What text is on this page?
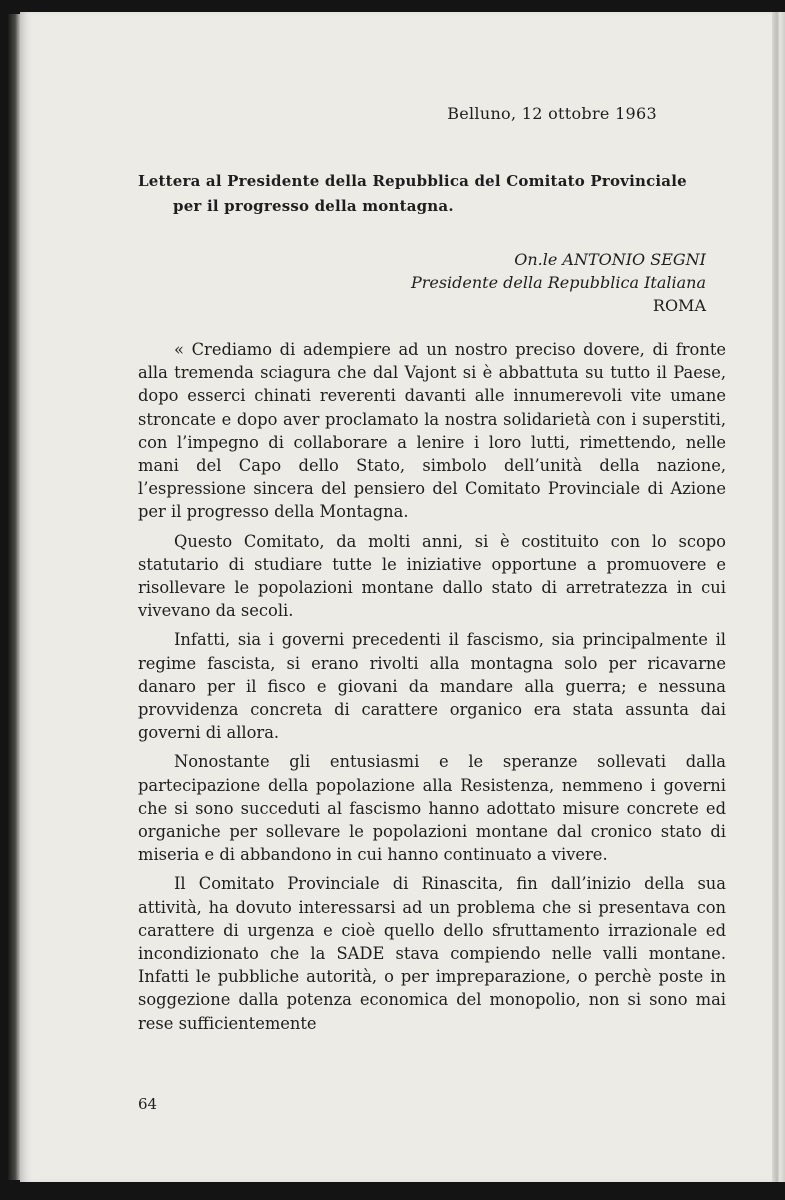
Belluno, 12 ottobre 1963
Lettera al Presidente della Repubblica del Comitato Provinciale
per il progresso della montagna.
On.le ANTONIO SEGNI
Presidente della Repubblica Italiana
ROMA

« Crediamo di adempiere ad un nostro preciso dovere, di fronte alla tremenda sciagura che dal Vajont si è abbattuta su tutto il Paese, dopo esserci chinati reverenti davanti alle innumerevoli vite umane stroncate e dopo aver proclamato la nostra solidarietà con i superstiti, con l’impegno di collaborare a lenire i loro lutti, rimettendo, nelle mani del Capo dello Stato, simbolo dell’unità della nazione, l’espressione sincera del pensiero del Comitato Provinciale di Azione per il progresso della Montagna.

Questo Comitato, da molti anni, si è costituito con lo scopo statutario di studiare tutte le iniziative opportune a promuovere e risollevare le popolazioni montane dallo stato di arretratezza in cui vivevano da secoli.

Infatti, sia i governi precedenti il fascismo, sia principalmente il regime fascista, si erano rivolti alla montagna solo per ricavarne danaro per il fisco e giovani da mandare alla guerra; e nessuna provvidenza concreta di carattere organico era stata assunta dai governi di allora.

Nonostante gli entusiasmi e le speranze sollevati dalla partecipazione della popolazione alla Resistenza, nemmeno i governi che si sono succeduti al fascismo hanno adottato misure concrete ed organiche per sollevare le popolazioni montane dal cronico stato di miseria e di abbandono in cui hanno continuato a vivere.

Il Comitato Provinciale di Rinascita, fin dall’inizio della sua attività, ha dovuto interessarsi ad un problema che si presentava con carattere di urgenza e cioè quello dello sfruttamento irrazionale ed incondizionato che la SADE stava compiendo nelle valli montane. Infatti le pubbliche autorità, o per impreparazione, o perchè poste in soggezione dalla potenza economica del monopolio, non si sono mai rese sufficientemente

64
